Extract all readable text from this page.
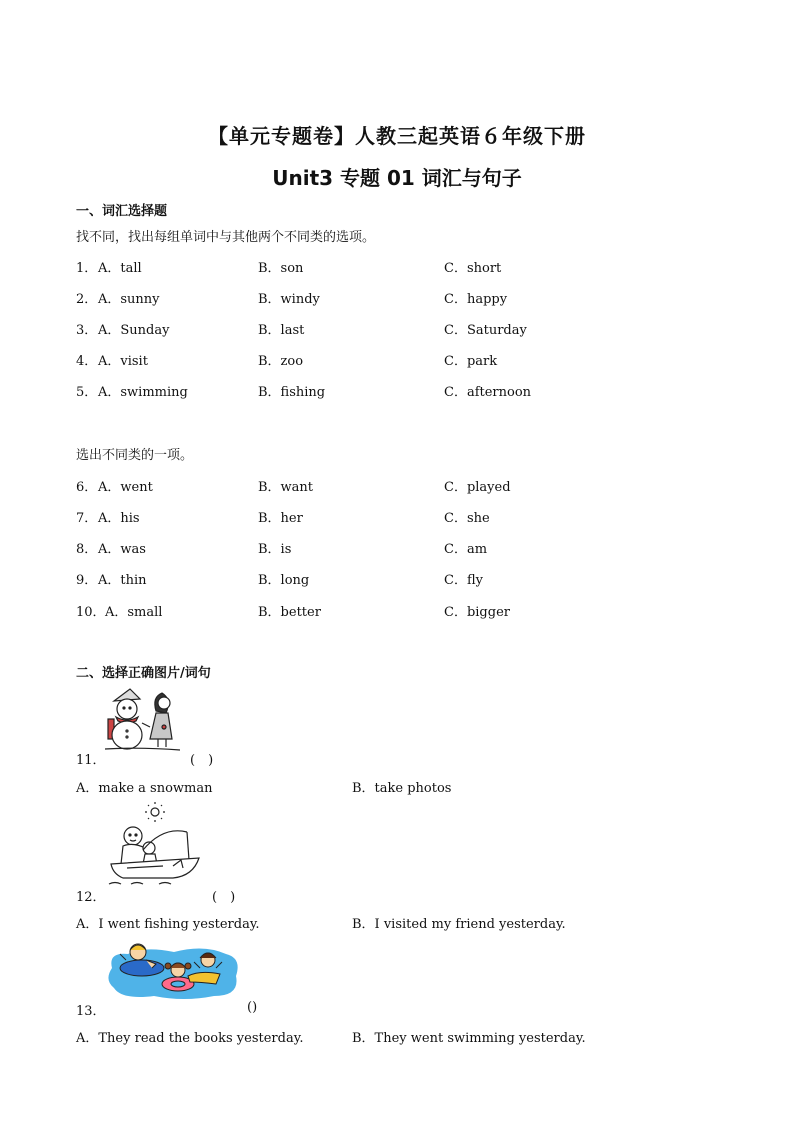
【单元专题卷】人教三起英语６年级下册
Unit3 专题 01 词汇与句子
一、词汇选择题
找不同，找出每组单词中与其他两个不同类的选项。
1． A．tall	B．son	C．short
2． A．sunny	B．windy	C．happy
3． A．Sunday	B．last	C．Saturday
4． A．visit	B．zoo	C．park
5． A．swimming	B．fishing	C．afternoon
选出不同类的一项。
6． A．went	B．want	C．played
7． A．his	B．her	C．she
8． A．was	B．is	C．am
9． A．thin	B．long	C．fly
10． A．small	B．better	C．bigger
二、选择正确图片/词句
11．	(　)
A．make a snowman	B．take photos
12．	(　)
A．I went fishing yesterday.	B．I visited my friend yesterday.
13．	()
A．They read the books yesterday.	B．They went swimming yesterday.
